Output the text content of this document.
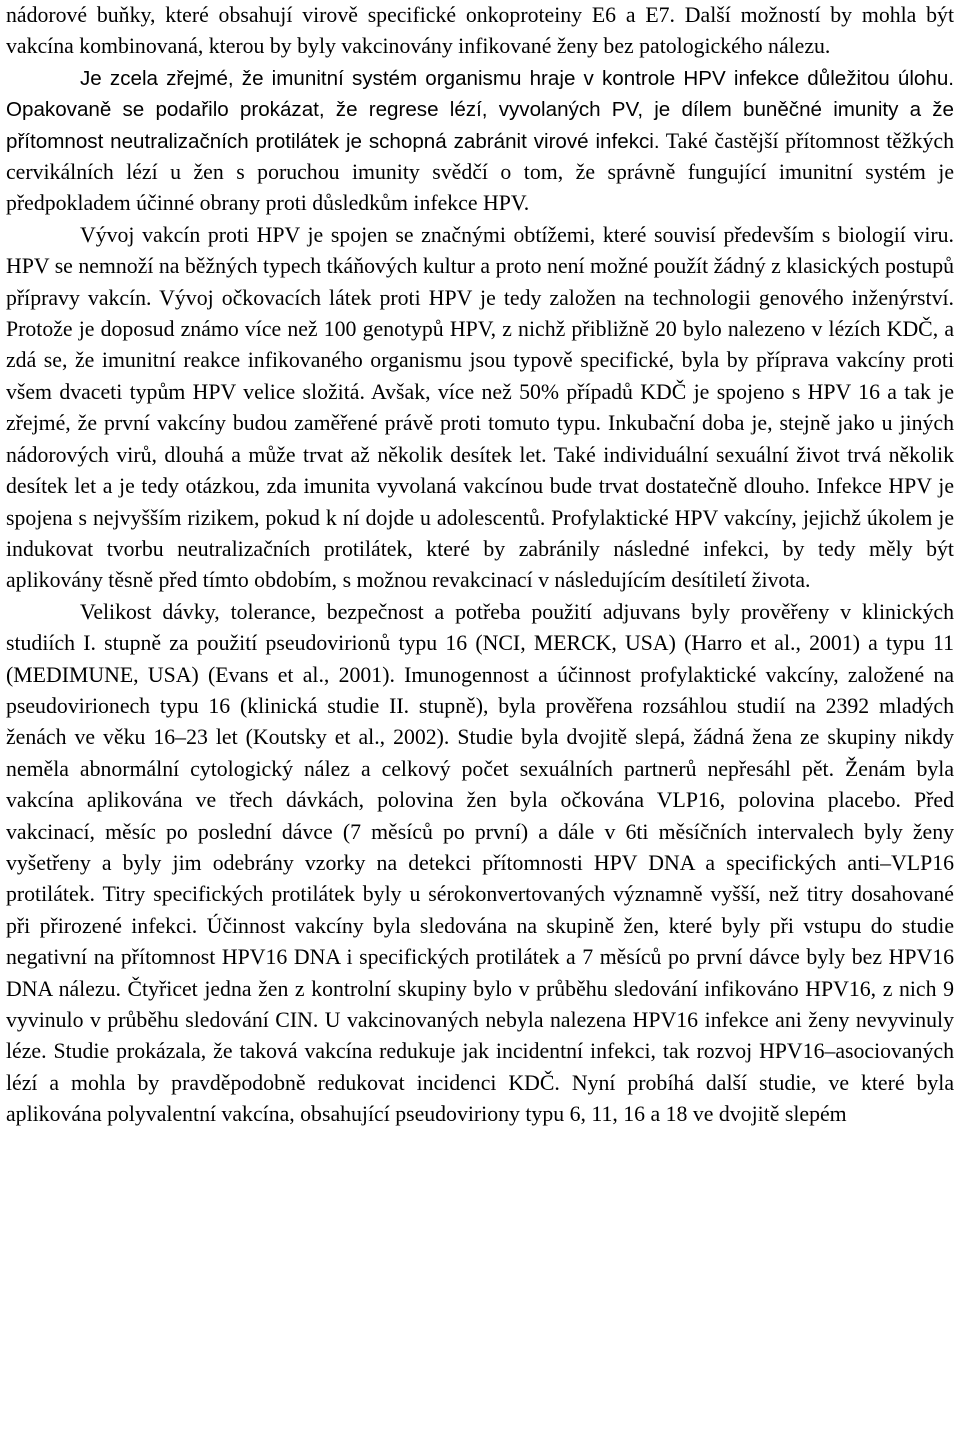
nádorové buňky, které obsahují virově specifické onkoproteiny E6 a E7. Další možností by mohla být vakcína kombinovaná, kterou by byly vakcinovány infikované ženy bez patologického nálezu.

Je zcela zřejmé, že imunitní systém organismu hraje v kontrole HPV infekce důležitou úlohu. Opakovaně se podařilo prokázat, že regrese lézí, vyvolaných PV, je dílem buněčné imunity a že přítomnost neutralizačních protilátek je schopná zabránit virové infekci. Také častější přítomnost těžkých cervikálních lézí u žen s poruchou imunity svědčí o tom, že správně fungující imunitní systém je předpokladem účinné obrany proti důsledkům infekce HPV.

Vývoj vakcín proti HPV je spojen se značnými obtížemi, které souvisí především s biologií viru. HPV se nemnoží na běžných typech tkáňových kultur a proto není možné použít žádný z klasických postupů přípravy vakcín. Vývoj očkovacích látek proti HPV je tedy založen na technologii genového inženýrství. Protože je doposud známo více než 100 genotypů HPV, z nichž přibližně 20 bylo nalezeno v lézích KDČ, a zdá se, že imunitní reakce infikovaného organismu jsou typově specifické, byla by příprava vakcíny proti všem dvaceti typům HPV velice složitá. Avšak, více než 50% případů KDČ je spojeno s HPV 16 a tak je zřejmé, že první vakcíny budou zaměřené právě proti tomuto typu. Inkubační doba je, stejně jako u jiných nádorových virů, dlouhá a může trvat až několik desítek let. Také individuální sexuální život trvá několik desítek let a je tedy otázkou, zda imunita vyvolaná vakcínou bude trvat dostatečně dlouho. Infekce HPV je spojena s nejvyšším rizikem, pokud k ní dojde u adolescentů. Profylaktické HPV vakcíny, jejichž úkolem je indukovat tvorbu neutralizačních protilátek, které by zabránily následné infekci, by tedy měly být aplikovány těsně před tímto obdobím, s možnou revakcinací v následujícím desítiletí života.

Velikost dávky, tolerance, bezpečnost a potřeba použití adjuvans byly prověřeny v klinických studiích I. stupně za použití pseudovirionů typu 16 (NCI, MERCK, USA) (Harro et al., 2001) a typu 11 (MEDIMUNE, USA) (Evans et al., 2001). Imunogennost a účinnost profylaktické vakcíny, založené na pseudovirionech typu 16 (klinická studie II. stupně), byla prověřena rozsáhlou studií na 2392 mladých ženách ve věku 16–23 let (Koutsky et al., 2002). Studie byla dvojitě slepá, žádná žena ze skupiny nikdy neměla abnormální cytologický nález a celkový počet sexuálních partnerů nepřesáhl pět. Ženám byla vakcína aplikována ve třech dávkách, polovina žen byla očkována VLP16, polovina placebo. Před vakcinací, měsíc po poslední dávce (7 měsíců po první) a dále v 6ti měsíčních intervalech byly ženy vyšetřeny a byly jim odebrány vzorky na detekci přítomnosti HPV DNA a specifických anti–VLP16 protilátek. Titry specifických protilátek byly u sérokonvertovaných významně vyšší, než titry dosahované při přirozené infekci. Účinnost vakcíny byla sledována na skupině žen, které byly při vstupu do studie negativní na přítomnost HPV16 DNA i specifických protilátek a 7 měsíců po první dávce byly bez HPV16 DNA nálezu. Čtyřicet jedna žen z kontrolní skupiny bylo v průběhu sledování infikováno HPV16, z nich 9 vyvinulo v průběhu sledování CIN. U vakcinovaných nebyla nalezena HPV16 infekce ani ženy nevyvinuly léze. Studie prokázala, že taková vakcína redukuje jak incidentní infekci, tak rozvoj HPV16–asociovaných lézí a mohla by pravděpodobně redukovat incidenci KDČ. Nyní probíhá další studie, ve které byla aplikována polyvalentní vakcína, obsahující pseudoviriony typu 6, 11, 16 a 18 ve dvojitě slepém
